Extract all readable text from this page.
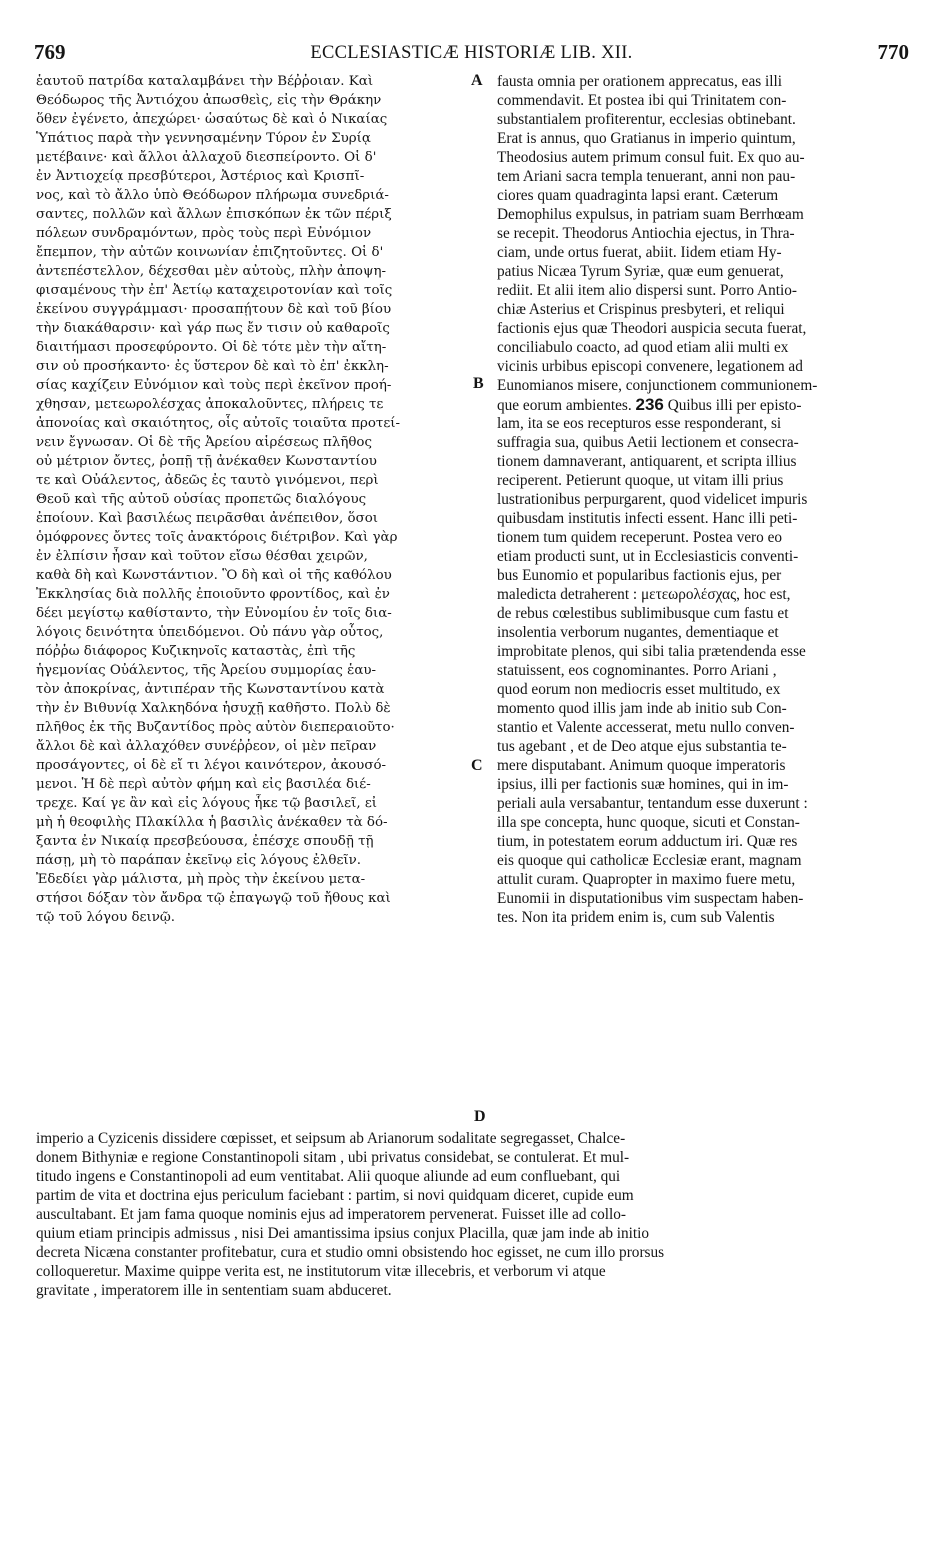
769	ECCLESIASTICÆ HISTORIÆ LIB. XII.	770
ἑαυτοῦ πατρίδα καταλαμβάνει τὴν Βέῤῥοιαν. Καὶ
Θεόδωρος τῆς Ἀντιόχου ἀπωσθεὶς, εἰς τὴν Θράκην
ὅθεν ἐγένετο, ἀπεχώρει· ὡσαύτως δὲ καὶ ὁ Νικαίας
Ὑπάτιος παρὰ τὴν γεννησαμένην Τύρον ἐν Συρίᾳ
μετέβαινε· καὶ ἄλλοι ἀλλαχοῦ διεσπείροντο. Οἱ δ'
ἐν Ἀντιοχείᾳ πρεσβύτεροι, Ἀστέριος καὶ Κρισπῖ-
νος, καὶ τὸ ἄλλο ὑπὸ Θεόδωρον πλήρωμα συνεδριά-
σαντες, πολλῶν καὶ ἄλλων ἐπισκόπων ἐκ τῶν πέριξ
πόλεων συνδραμόντων, πρὸς τοὺς περὶ Εὐνόμιον
ἔπεμπον, τὴν αὐτῶν κοινωνίαν ἐπιζητοῦντες. Οἱ δ'
ἀντεπέστελλον, δέχεσθαι μὲν αὐτοὺς, πλὴν ἀποψη-
φισαμένους τὴν ἐπ' Ἀετίῳ καταχειροτονίαν καὶ τοῖς
ἐκείνου συγγράμμασι· προσαπῄτουν δὲ καὶ τοῦ βίου
τὴν διακάθαρσιν· καὶ γάρ πως ἔν τισιν οὐ καθαροῖς
διαιτήμασι προσεφύροντο. Οἱ δὲ τότε μὲν τὴν αἴτη-
σιν οὐ προσήκαντο· ἐς ὕστερον δὲ καὶ τὸ ἐπ' ἐκκλη-
σίας καχίζειν Εὐνόμιον καὶ τοὺς περὶ ἐκεῖνον προή-
χθησαν, μετεωρολέσχας ἀποκαλοῦντες, πλήρεις τε
ἀπονοίας καὶ σκαιότητος, οἷς αὐτοῖς τοιαῦτα προτεί-
νειν ἔγνωσαν. Οἱ δὲ τῆς Ἀρείου αἱρέσεως πλῆθος
οὐ μέτριον ὄντες, ῥοπῇ τῇ ἀνέκαθεν Κωνσταντίου
τε καὶ Οὐάλεντος, ἀδεῶς ἐς ταυτὸ γινόμενοι, περὶ
Θεοῦ καὶ τῆς αὐτοῦ οὐσίας προπετῶς διαλόγους
ἐποίουν. Καὶ βασιλέως πειρᾶσθαι ἀνέπειθον, ὅσοι
ὁμόφρονες ὄντες τοῖς ἀνακτόροις διέτριβον. Καὶ γὰρ
ἐν ἐλπίσιν ἦσαν καὶ τοῦτον εἴσω θέσθαι χειρῶν,
καθὰ δὴ καὶ Κωνστάντιον. Ὃ δὴ καὶ οἱ τῆς καθόλου
Ἐκκλησίας διὰ πολλῆς ἐποιοῦντο φροντίδος, καὶ ἐν
δέει μεγίστῳ καθίσταντο, τὴν Εὐνομίου ἐν τοῖς δια-
λόγοις δεινότητα ὑπειδόμενοι. Οὐ πάνυ γὰρ οὗτος,
πόῤῥω διάφορος Κυζικηνοῖς καταστὰς, ἐπὶ τῆς
ἡγεμονίας Οὐάλεντος, τῆς Ἀρείου συμμορίας ἑαυ-
τὸν ἀποκρίνας, ἀντιπέραν τῆς Κωνσταντίνου κατὰ
τὴν ἐν Βιθυνίᾳ Χαλκηδόνα ἡσυχῇ καθῆστο. Πολὺ δὲ
πλῆθος ἐκ τῆς Βυζαντίδος πρὸς αὐτὸν διεπεραιοῦτο·
ἄλλοι δὲ καὶ ἀλλαχόθεν συνέῤῥεον, οἱ μὲν πεῖραν
προσάγοντες, οἱ δὲ εἴ τι λέγοι καινότερον, ἀκουσό-
μενοι. Ἡ δὲ περὶ αὐτὸν φήμη καὶ εἰς βασιλέα διέ-
τρεχε. Καί γε ἂν καὶ εἰς λόγους ἧκε τῷ βασιλεῖ, εἰ
μὴ ἡ θεοφιλὴς Πλακίλλα ἡ βασιλὶς ἀνέκαθεν τὰ δό-
ξαντα ἐν Νικαίᾳ πρεσβεύουσα, ἐπέσχε σπουδῇ τῇ
πάσῃ, μὴ τὸ παράπαν ἐκεῖνῳ εἰς λόγους ἐλθεῖν.
Ἐδεδίει γὰρ μάλιστα, μὴ πρὸς τὴν ἐκείνου μετα-
στήσοι δόξαν τὸν ἄνδρα τῷ ἐπαγωγῷ τοῦ ἤθους καὶ
τῷ τοῦ λόγου δεινῷ.
fausta omnia per orationem apprecatus, eas illi
commendavit. Et postea ibi qui Trinitatem con-
substantialem profiterentur, ecclesias obtinebant.
Erat is annus, quo Gratianus in imperio quintum,
Theodosius autem primum consul fuit. Ex quo au-
tem Ariani sacra templa tenuerant, anni non pau-
ciores quam quadraginta lapsi erant. Cæterum
Demophilus expulsus, in patriam suam Berrhœam
se recepit. Theodorus Antiochia ejectus, in Thra-
ciam, unde ortus fuerat, abiit. Iidem etiam Hy-
patius Nicæa Tyrum Syriæ, quæ eum genuerat,
rediit. Et alii item alio dispersi sunt. Porro Antio-
chiæ Asterius et Crispinus presbyteri, et reliqui
factionis ejus quæ Theodori auspicia secuta fuerat,
conciliabulo coacto, ad quod etiam alii multi ex
vicinis urbibus episcopi convenere, legationem ad
Eunomianos misere, conjunctionem communionem-
que eorum ambientes. 236 Quibus illi per episto-
lam, ita se eos recepturos esse responderant, si
suffragia sua, quibus Aetii lectionem et consecra-
tionem damnaverant, antiquarent, et scripta illius
reciperent. Petierunt quoque, ut vitam illi prius
lustrationibus perpurgarent, quod videlicet impuris
quibusdam institutis infecti essent. Hanc illi peti-
tionem tum quidem receperunt. Postea vero eo
etiam producti sunt, ut in Ecclesiasticis conventi-
bus Eunomio et popularibus factionis ejus, per
maledicta detraherent : μετεωρολέσχας, hoc est,
de rebus cœlestibus sublimibusque cum fastu et
insolentia verborum nugantes, dementiaque et
improbitate plenos, qui sibi talia prætendenda esse
statuissent, eos cognominantes. Porro Ariani ,
quod eorum non mediocris esset multitudo, ex
momento quod illis jam inde ab initio sub Con-
stantio et Valente accesserat, metu nullo conven-
tus agebant , et de Deo atque ejus substantia te-
mere disputabant. Animum quoque imperatoris
ipsius, illi per factionis suæ homines, qui in im-
periali aula versabantur, tentandum esse duxerunt :
illa spe concepta, hunc quoque, sicuti et Constan-
tium, in potestatem eorum adductum iri. Quæ res
eis quoque qui catholicæ Ecclesiæ erant, magnam
attulit curam. Quapropter in maximo fuere metu,
Eunomii in disputationibus vim suspectam haben-
tes. Non ita pridem enim is, cum sub Valentis
imperio a Cyzicenis dissidere cœpisset, et seipsum ab Arianorum sodalitate segregasset, Chalce-
donem Bithyniæ e regione Constantinopoli sitam , ubi privatus considebat, se contulerat. Et mul-
titudo ingens e Constantinopoli ad eum ventitabat. Alii quoque aliunde ad eum confluebant, qui
partim de vita et doctrina ejus periculum faciebant : partim, si novi quidquam diceret, cupide eum
auscultabant. Et jam fama quoque nominis ejus ad imperatorem pervenerat. Fuisset ille ad collo-
quium etiam principis admissus , nisi Dei amantissima ipsius conjux Placilla, quæ jam inde ab initio
decreta Nicæna constanter profitebatur, cura et studio omni obsistendo hoc egisset, ne cum illo prorsus
colloqueretur. Maxime quippe verita est, ne institutorum vitæ illecebris, et verborum vi atque
gravitate , imperatorem ille in sententiam suam abduceret.
A
B
C
D
